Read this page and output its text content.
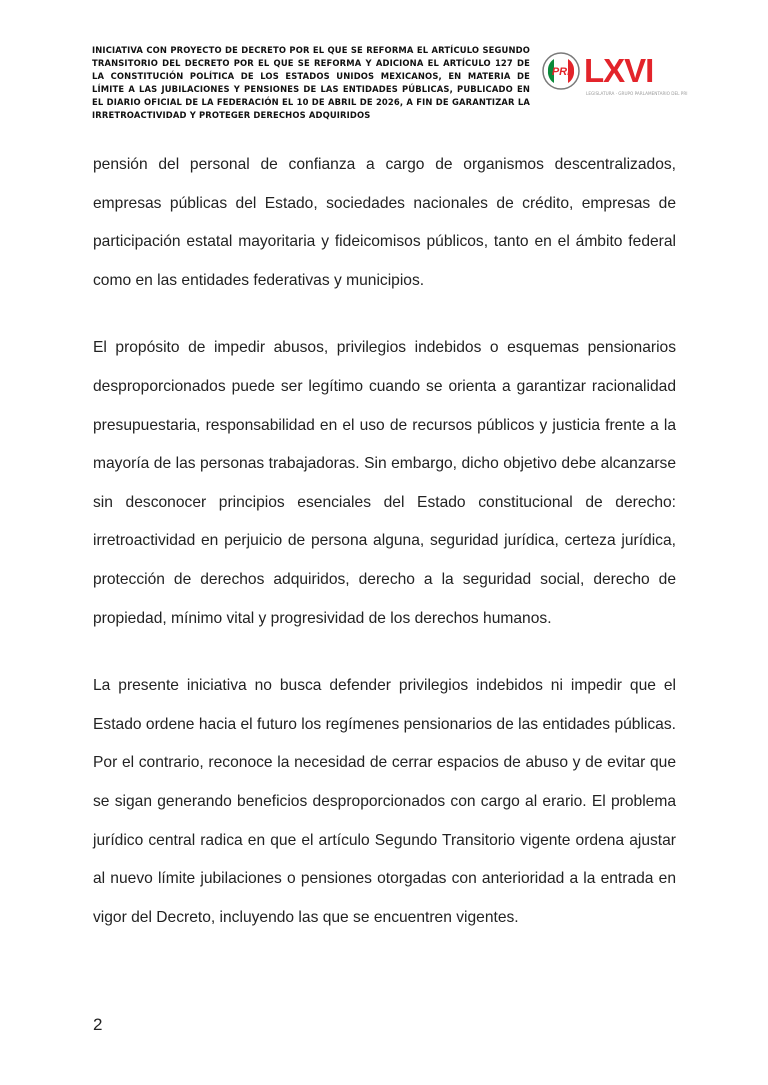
INICIATIVA CON PROYECTO DE DECRETO POR EL QUE SE REFORMA EL ARTÍCULO SEGUNDO TRANSITORIO DEL DECRETO POR EL QUE SE REFORMA Y ADICIONA EL ARTÍCULO 127 DE LA CONSTITUCIÓN POLÍTICA DE LOS ESTADOS UNIDOS MEXICANOS, EN MATERIA DE LÍMITE A LAS JUBILACIONES Y PENSIONES DE LAS ENTIDADES PÚBLICAS, PUBLICADO EN EL DIARIO OFICIAL DE LA FEDERACIÓN EL 10 DE ABRIL DE 2026, A FIN DE GARANTIZAR LA IRRETROACTIVIDAD Y PROTEGER DERECHOS ADQUIRIDOS
PRI LXVI
LEGISLATURA · GRUPO PARLAMENTARIO DEL PRI

pensión del personal de confianza a cargo de organismos descentralizados, empresas públicas del Estado, sociedades nacionales de crédito, empresas de participación estatal mayoritaria y fideicomisos públicos, tanto en el ámbito federal como en las entidades federativas y municipios.

El propósito de impedir abusos, privilegios indebidos o esquemas pensionarios desproporcionados puede ser legítimo cuando se orienta a garantizar racionalidad presupuestaria, responsabilidad en el uso de recursos públicos y justicia frente a la mayoría de las personas trabajadoras. Sin embargo, dicho objetivo debe alcanzarse sin desconocer principios esenciales del Estado constitucional de derecho: irretroactividad en perjuicio de persona alguna, seguridad jurídica, certeza jurídica, protección de derechos adquiridos, derecho a la seguridad social, derecho de propiedad, mínimo vital y progresividad de los derechos humanos.

La presente iniciativa no busca defender privilegios indebidos ni impedir que el Estado ordene hacia el futuro los regímenes pensionarios de las entidades públicas. Por el contrario, reconoce la necesidad de cerrar espacios de abuso y de evitar que se sigan generando beneficios desproporcionados con cargo al erario. El problema jurídico central radica en que el artículo Segundo Transitorio vigente ordena ajustar al nuevo límite jubilaciones o pensiones otorgadas con anterioridad a la entrada en vigor del Decreto, incluyendo las que se encuentren vigentes.

2
